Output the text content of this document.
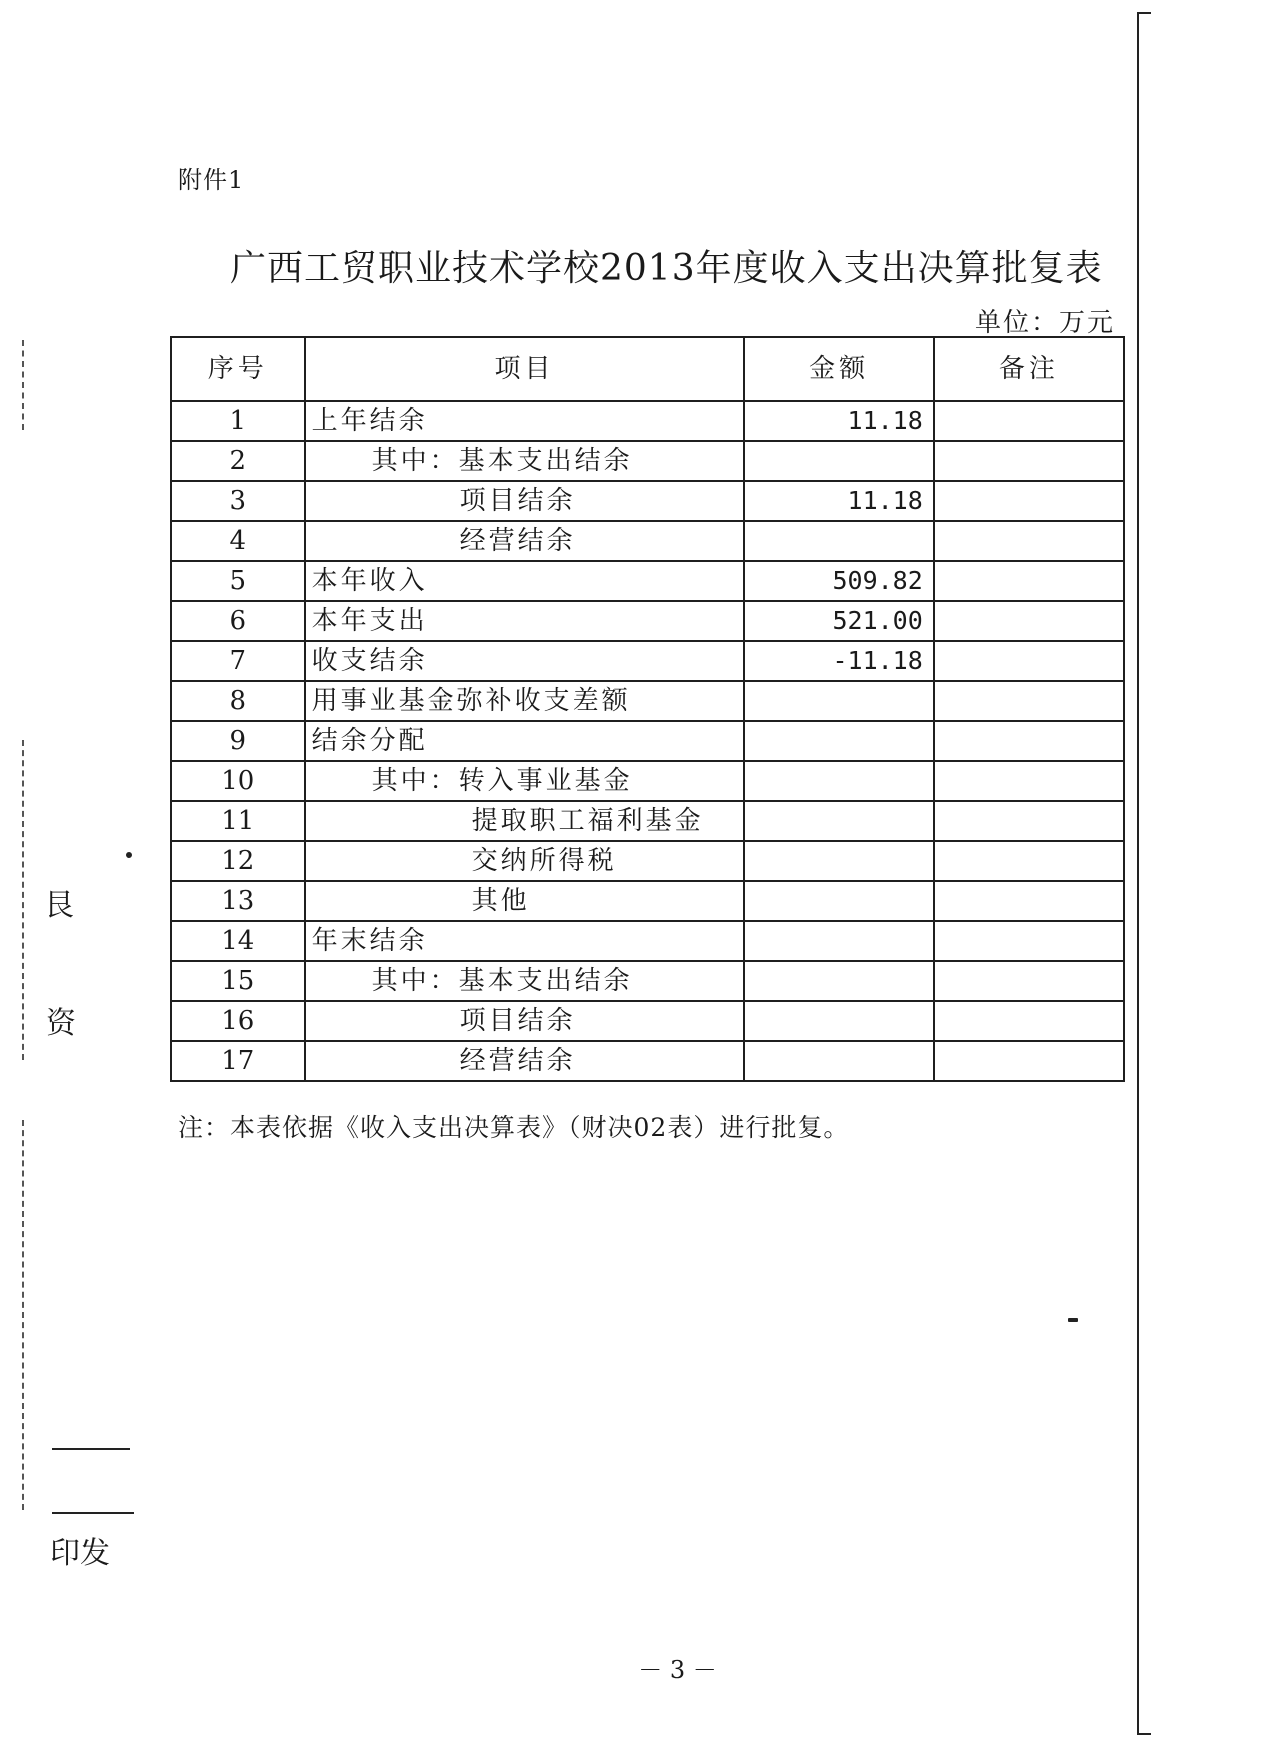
附件1
广西工贸职业技术学校2013年度收入支出决算批复表
单位：万元
序号	项目	金额	备注
1	上年结余	11.18	
2	其中：基本支出结余		
3	项目结余	11.18	
4	经营结余		
5	本年收入	509.82	
6	本年支出	521.00	
7	收支结余	-11.18	
8	用事业基金弥补收支差额		
9	结余分配		
10	其中：转入事业基金		
11	提取职工福利基金		
12	交纳所得税		
13	其他		
14	年末结余		
15	其中：基本支出结余		
16	项目结余		
17	经营结余		
注：本表依据《收入支出决算表》（财决02表）进行批复。
艮
资
印发
－ 3 －
